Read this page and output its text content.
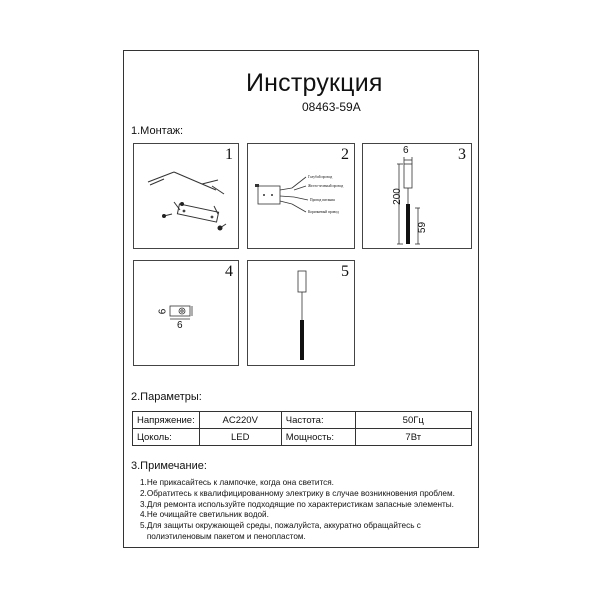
Инструкция
08463-59A
1.Монтаж:
1	2
Голубой провод
Желто-зеленый провод
Провод питания
Коричневый провод
3
6
200
59
4
6
6
5
2.Параметры:
Напряжение:	AC220V	Частота:	50Гц
Цоколь:	LED	Мощность:	7Вт
3.Примечание:
1.Не прикасайтесь к лампочке, когда она светится.
2.Обратитесь к квалифицированному электрику в случае возникновения проблем.
3.Для ремонта используйте подходящие по характеристикам запасные элементы.
4.Не очищайте светильник водой.
5.Для защиты окружающей среды, пожалуйста, аккуратно обращайтесь с
полиэтиленовым пакетом и пенопластом.
